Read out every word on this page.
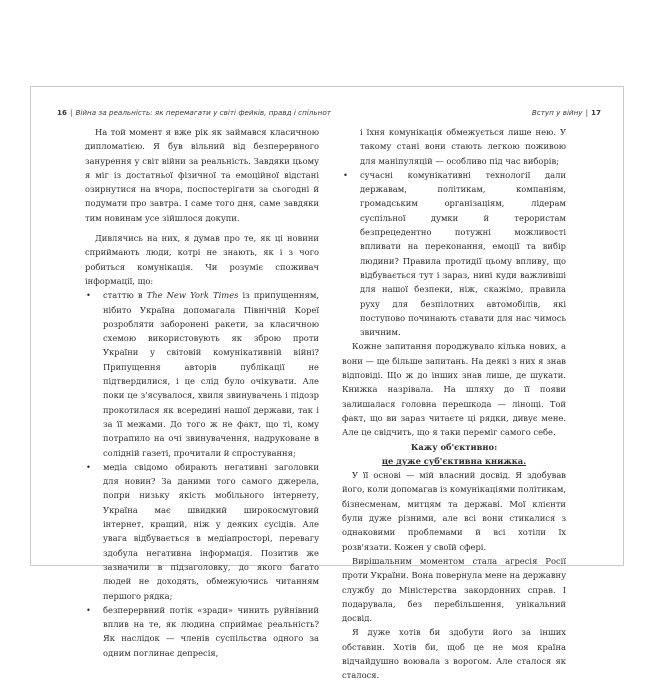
16 | Війна за реальність: як перемагати у світі фейків, правд і спільнот

На той момент я вже рік як займався класичною дипломатією. Я був вільний від безперервного занурення у світ війни за реальність. Завдяки цьому я міг із достатньої фізичної та емоційної відстані озирнутися на вчора, поспостерігати за сьогодні й подумати про завтра. І саме того дня, саме завдяки тим новинам усе зійшлося докупи.

Дивлячись на них, я думав про те, як ці новини сприймають люди, котрі не знають, як і з чого робиться комунікація. Чи розуміє споживач інформації, що:

• статтю в The New York Times із припущенням, нібито Україна допомагала Північній Кореї розробляти заборонені ракети, за класичною схемою використовують як зброю проти України у світовій комунікативній війні? Припущення авторів публікації не підтвердилися, і це слід було очікувати. Але поки це з'ясувалося, хвиля звинувачень і підозр прокотилася як всередині нашої держави, так і за її межами. До того ж не факт, що ті, кому потрапило на очі звинувачення, надруковане в солідній газеті, прочитали й спростування;

• медіа свідомо обирають негативні заголовки для новин? За даними того самого джерела, попри низьку якість мобільного інтернету, Україна має швидкий широкосмуговий інтернет, кращий, ніж у деяких сусідів. Але увага відбувається в медіапросторі, перевагу здобула негативна інформація. Позитив же зазначили в підзаголовку, до якого багато людей не доходять, обмежуючись читанням першого рядка;

• безперервний потік «зради» чинить руйнівний вплив на те, як людина сприймає реальність? Як наслідок — членів суспільства одного за одним поглинає депресія,

Вступ у війну | 17

і їхня комунікація обмежується лише нею. У такому стані вони стають легкою поживою для маніпуляцій — особливо під час виборів;

• сучасні комунікативні технології дали державам, політикам, компаніям, громадським організаціям, лідерам суспільної думки й терористам безпрецедентно потужні можливості впливати на переконання, емоції та вибір людини? Правила протидії цьому впливу, що відбувається тут і зараз, нині куди важливіші для нашої безпеки, ніж, скажімо, правила руху для безпілотних автомобілів, які поступово починають ставати для нас чимось звичним.

Кожне запитання породжувало кілька нових, а вони — ще більше запитань. На деякі з них я знав відповіді. Що ж до інших знав лише, де шукати. Книжка назрівала. На шляху до її появи залишалася головна перешкода — лінощі. Той факт, що ви зараз читаєте ці рядки, дивує мене. Але це свідчить, що я таки переміг самого себе.

Кажу об'єктивно:

це дуже суб'єктивна книжка.

У її основі — мій власний досвід. Я здобував його, коли допомагав із комунікаціями політикам, бізнесменам, митцям та державі. Мої клієнти були дуже різними, але всі вони стикалися з однаковими проблемами й всі хотіли їх розв'язати. Кожен у своїй сфері.

Вирішальним моментом стала агресія Росії проти України. Вона повернула мене на державну службу до Міністерства закордонних справ. І подарувала, без перебільшення, унікальний досвід.

Я дуже хотів би здобути його за інших обставин. Хотів би, щоб це не моя країна відчайдушно воювала з ворогом. Але сталося як сталося.
